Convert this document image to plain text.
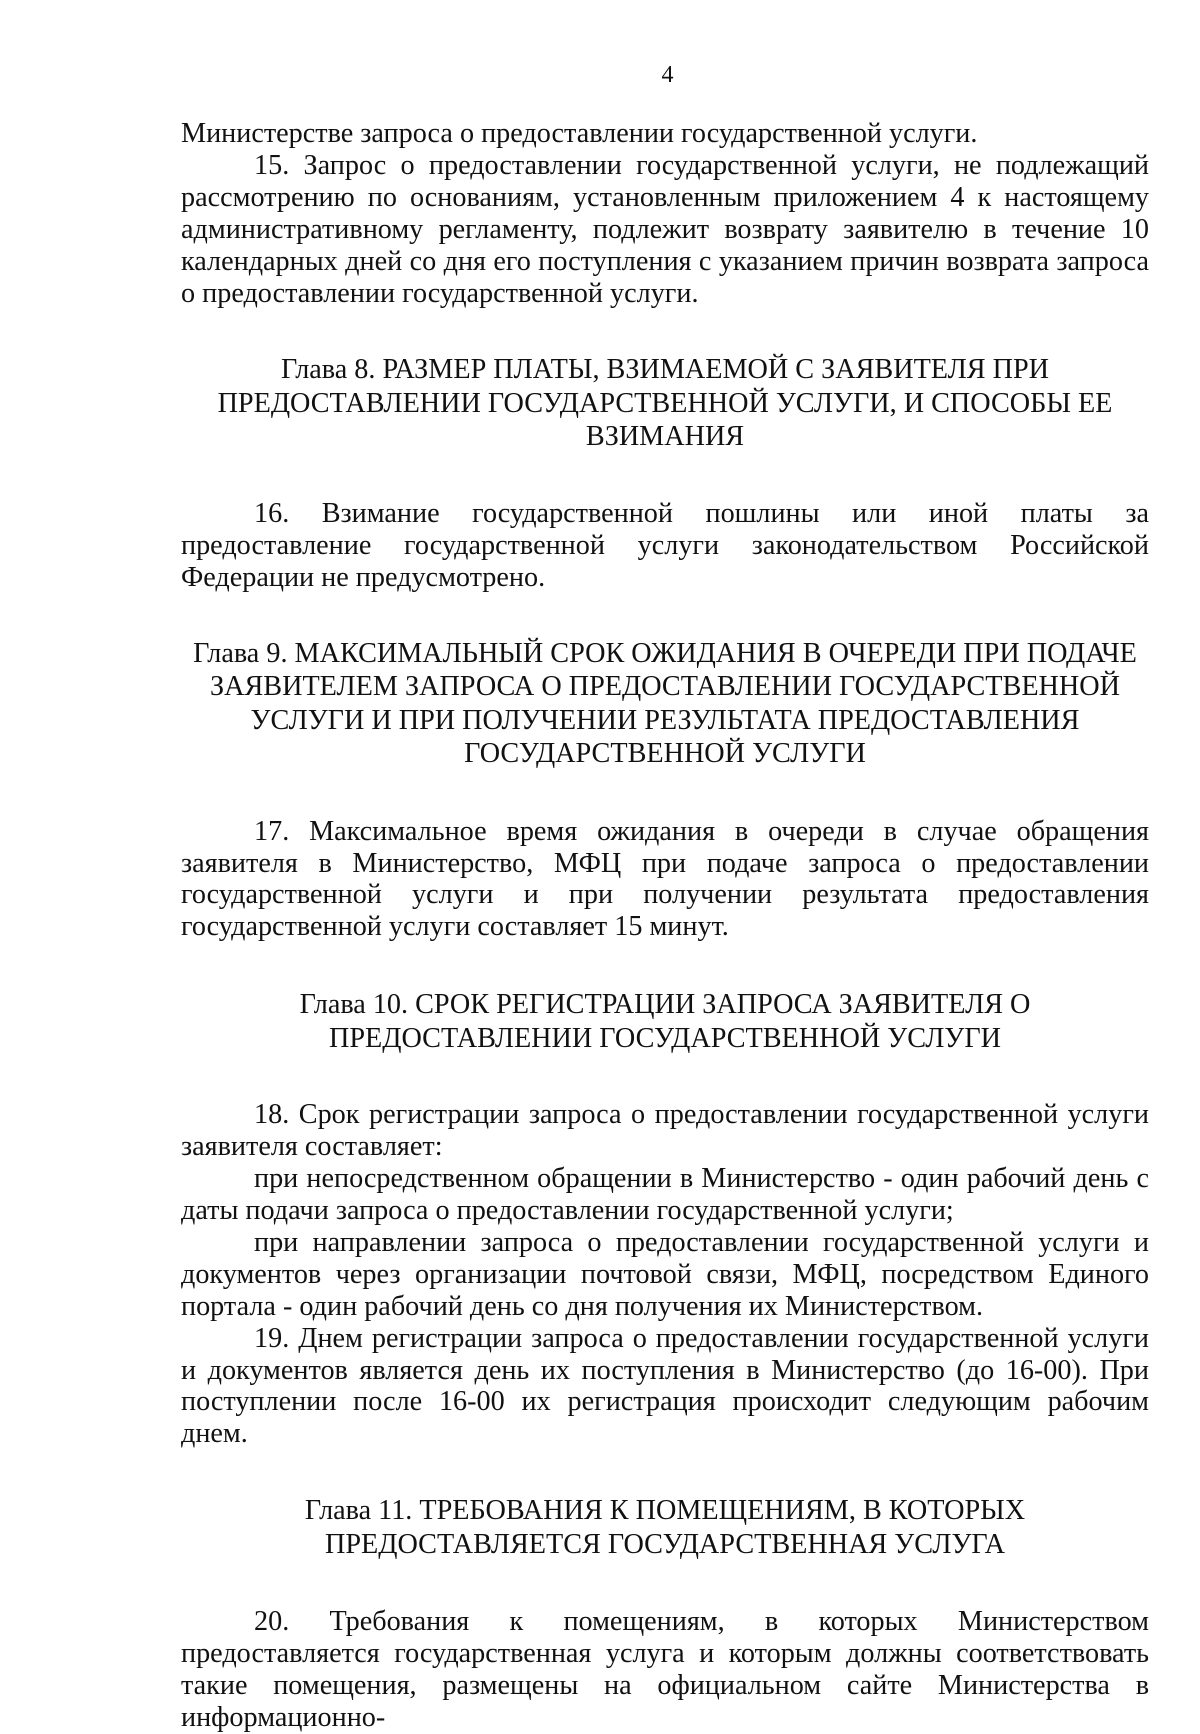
4

Министерстве запроса о предоставлении государственной услуги.

15. Запрос о предоставлении государственной услуги, не подлежащий рассмотрению по основаниям, установленным приложением 4 к настоящему административному регламенту, подлежит возврату заявителю в течение 10 календарных дней со дня его поступления с указанием причин возврата запроса о предоставлении государственной услуги.

Глава 8. РАЗМЕР ПЛАТЫ, ВЗИМАЕМОЙ С ЗАЯВИТЕЛЯ ПРИ ПРЕДОСТАВЛЕНИИ ГОСУДАРСТВЕННОЙ УСЛУГИ, И СПОСОБЫ ЕЕ ВЗИМАНИЯ

16. Взимание государственной пошлины или иной платы за предоставление государственной услуги законодательством Российской Федерации не предусмотрено.

Глава 9. МАКСИМАЛЬНЫЙ СРОК ОЖИДАНИЯ В ОЧЕРЕДИ ПРИ ПОДАЧЕ ЗАЯВИТЕЛЕМ ЗАПРОСА О ПРЕДОСТАВЛЕНИИ ГОСУДАРСТВЕННОЙ УСЛУГИ И ПРИ ПОЛУЧЕНИИ РЕЗУЛЬТАТА ПРЕДОСТАВЛЕНИЯ ГОСУДАРСТВЕННОЙ УСЛУГИ

17. Максимальное время ожидания в очереди в случае обращения заявителя в Министерство, МФЦ при подаче запроса о предоставлении государственной услуги и при получении результата предоставления государственной услуги составляет 15 минут.

Глава 10. СРОК РЕГИСТРАЦИИ ЗАПРОСА ЗАЯВИТЕЛЯ О ПРЕДОСТАВЛЕНИИ ГОСУДАРСТВЕННОЙ УСЛУГИ

18. Срок регистрации запроса о предоставлении государственной услуги заявителя составляет:

при непосредственном обращении в Министерство - один рабочий день с даты подачи запроса о предоставлении государственной услуги;

при направлении запроса о предоставлении государственной услуги и документов через организации почтовой связи, МФЦ, посредством Единого портала - один рабочий день со дня получения их Министерством.

19. Днем регистрации запроса о предоставлении государственной услуги и документов является день их поступления в Министерство (до 16-00). При поступлении после 16-00 их регистрация происходит следующим рабочим днем.

Глава 11. ТРЕБОВАНИЯ К ПОМЕЩЕНИЯМ, В КОТОРЫХ ПРЕДОСТАВЛЯЕТСЯ ГОСУДАРСТВЕННАЯ УСЛУГА

20. Требования к помещениям, в которых Министерством предоставляется государственная услуга и которым должны соответствовать такие помещения, размещены на официальном сайте Министерства в информационно-
